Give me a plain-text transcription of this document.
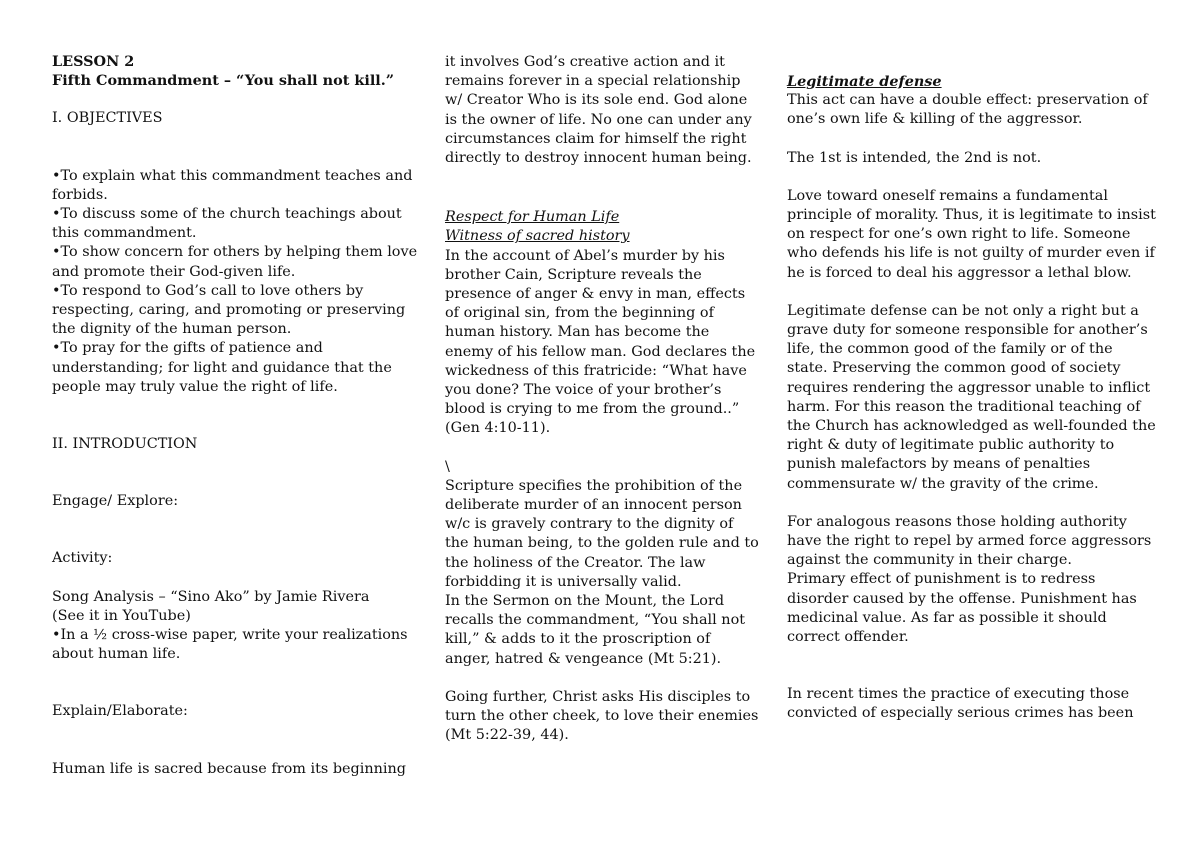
LESSON 2

Fifth Commandment – “You shall not kill.”

I. OBJECTIVES

• To explain what this commandment teaches and forbids.
• To discuss some of the church teachings about this commandment.
• To show concern for others by helping them love and promote their God-given life.
• To respond to God’s call to love others by respecting, caring, and promoting or preserving the dignity of the human person.
• To pray for the gifts of patience and understanding; for light and guidance that the people may truly value the right of life.

II. INTRODUCTION

Engage/ Explore:

Activity:

Song Analysis – “Sino Ako” by Jamie Rivera
(See it in YouTube)

• In a ½ cross-wise paper, write your realizations about human life.

Explain/Elaborate:

Human life is sacred because from its beginning

it involves God’s creative action and it remains forever in a special relationship w/ Creator Who is its sole end. God alone is the owner of life. No one can under any circumstances claim for himself the right directly to destroy innocent human being.

Respect for Human Life

Witness of sacred history

In the account of Abel’s murder by his brother Cain, Scripture reveals the presence of anger & envy in man, effects of original sin, from the beginning of human history. Man has become the enemy of his fellow man. God declares the wickedness of this fratricide: “What have you done? The voice of your brother’s blood is crying to me from the ground..” (Gen 4:10-11).

\

Scripture specifies the prohibition of the deliberate murder of an innocent person w/c is gravely contrary to the dignity of the human being, to the golden rule and to the holiness of the Creator. The law forbidding it is universally valid.
In the Sermon on the Mount, the Lord recalls the commandment, “You shall not kill,” & adds to it the proscription of anger, hatred & vengeance (Mt 5:21).

Going further, Christ asks His disciples to turn the other cheek, to love their enemies (Mt 5:22-39, 44).

Legitimate defense

This act can have a double effect: preservation of one’s own life & killing of the aggressor.

The 1st is intended, the 2nd is not.

Love toward oneself remains a fundamental principle of morality. Thus, it is legitimate to insist on respect for one’s own right to life. Someone who defends his life is not guilty of murder even if he is forced to deal his aggressor a lethal blow.

Legitimate defense can be not only a right but a grave duty for someone responsible for another’s life, the common good of the family or of the state. Preserving the common good of society requires rendering the aggressor unable to inflict harm. For this reason the traditional teaching of the Church has acknowledged as well-founded the right & duty of legitimate public authority to punish malefactors by means of penalties commensurate w/ the gravity of the crime.

For analogous reasons those holding authority have the right to repel by armed force aggressors against the community in their charge.
Primary effect of punishment is to redress disorder caused by the offense. Punishment has medicinal value. As far as possible it should correct offender.

In recent times the practice of executing those convicted of especially serious crimes has been
